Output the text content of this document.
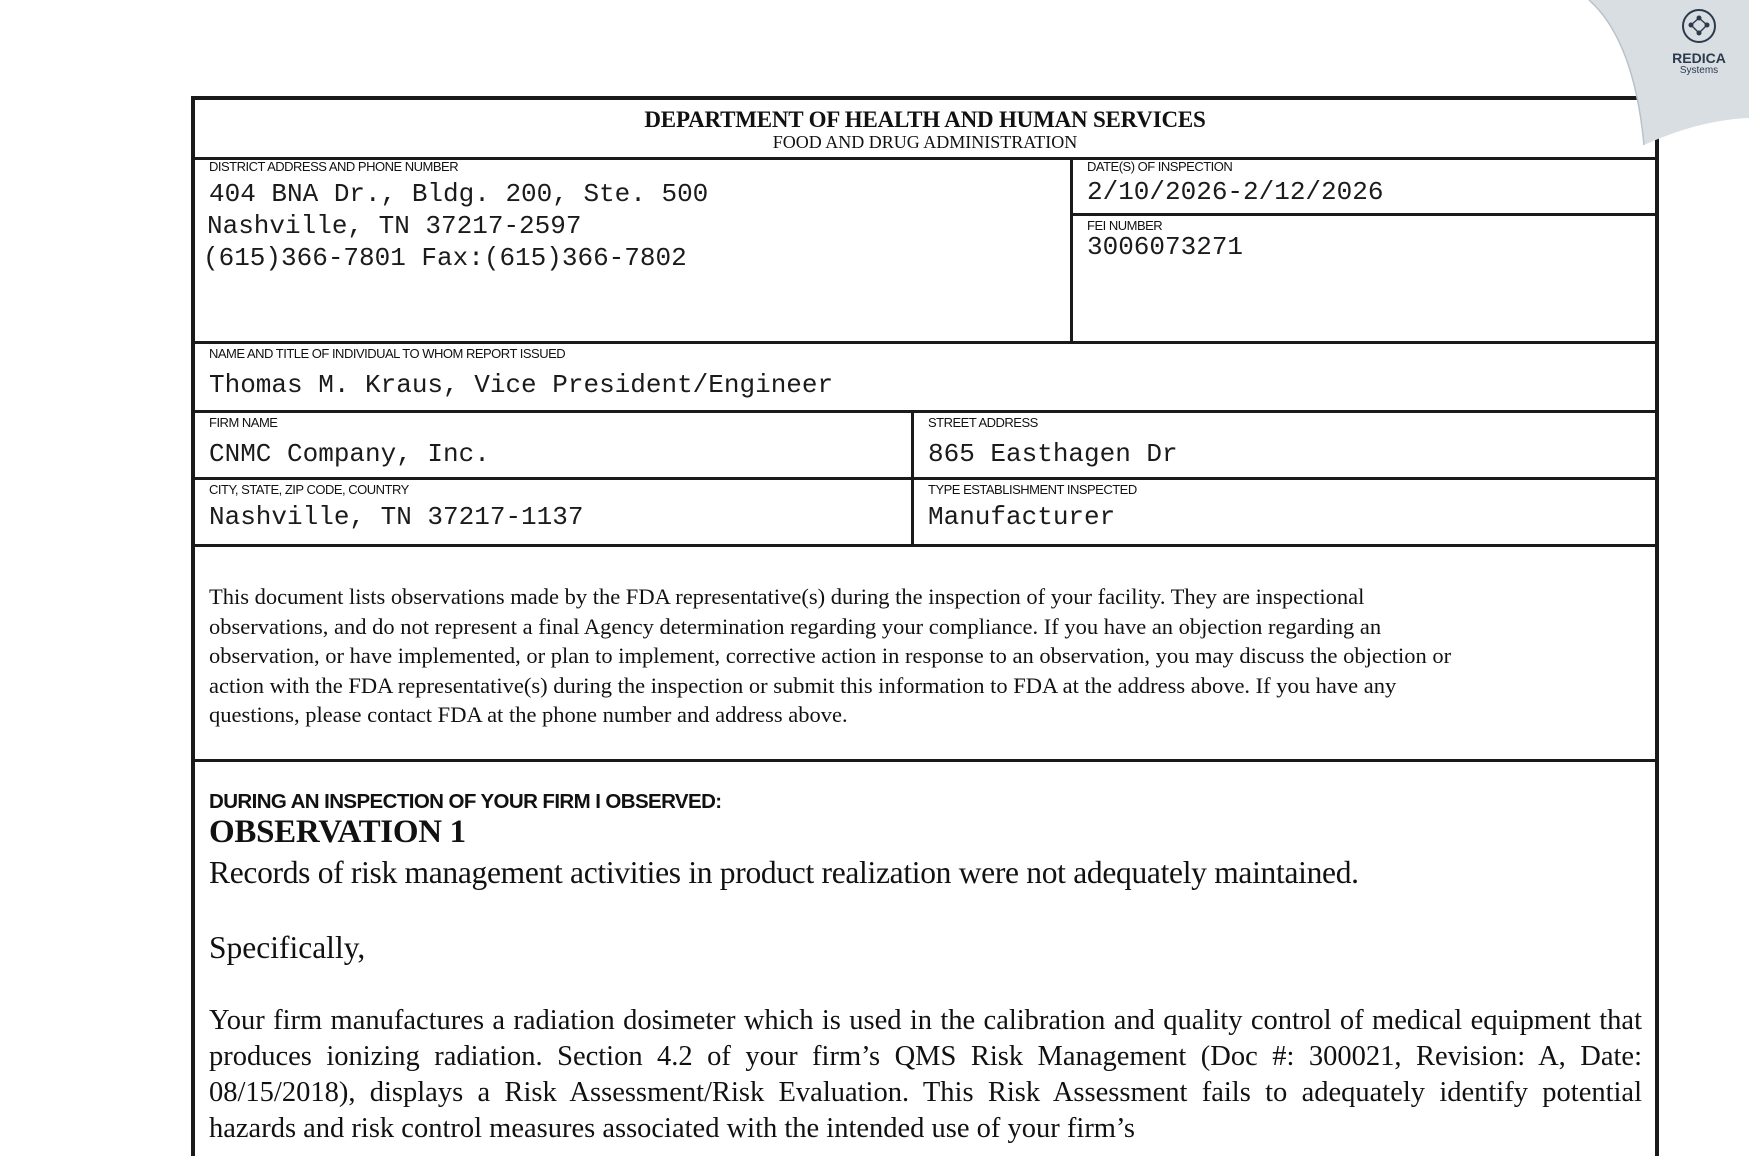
DEPARTMENT OF HEALTH AND HUMAN SERVICES
FOOD AND DRUG ADMINISTRATION
DISTRICT ADDRESS AND PHONE NUMBER
404 BNA Dr., Bldg. 200, Ste. 500
Nashville, TN 37217-2597
(615)366-7801 Fax:(615)366-7802
DATE(S) OF INSPECTION
2/10/2026-2/12/2026
FEI NUMBER
3006073271
NAME AND TITLE OF INDIVIDUAL TO WHOM REPORT ISSUED
Thomas M. Kraus, Vice President/Engineer
FIRM NAME
CNMC Company, Inc.
STREET ADDRESS
865 Easthagen Dr
CITY, STATE, ZIP CODE, COUNTRY
Nashville, TN 37217-1137
TYPE ESTABLISHMENT INSPECTED
Manufacturer
This document lists observations made by the FDA representative(s) during the inspection of your facility. They are inspectional
observations, and do not represent a final Agency determination regarding your compliance. If you have an objection regarding an
observation, or have implemented, or plan to implement, corrective action in response to an observation, you may discuss the objection or
action with the FDA representative(s) during the inspection or submit this information to FDA at the address above. If you have any
questions, please contact FDA at the phone number and address above.
DURING AN INSPECTION OF YOUR FIRM I OBSERVED:
OBSERVATION 1
Records of risk management activities in product realization were not adequately maintained.
Specifically,
Your firm manufactures a radiation dosimeter which is used in the calibration and quality control of medical equipment that produces ionizing radiation. Section 4.2 of your firm’s QMS Risk Management (Doc #: 300021, Revision: A, Date: 08/15/2018), displays a Risk Assessment/Risk Evaluation. This Risk Assessment fails to adequately identify potential hazards and risk control measures associated with the intended use of your firm’s
REDICA
Systems
